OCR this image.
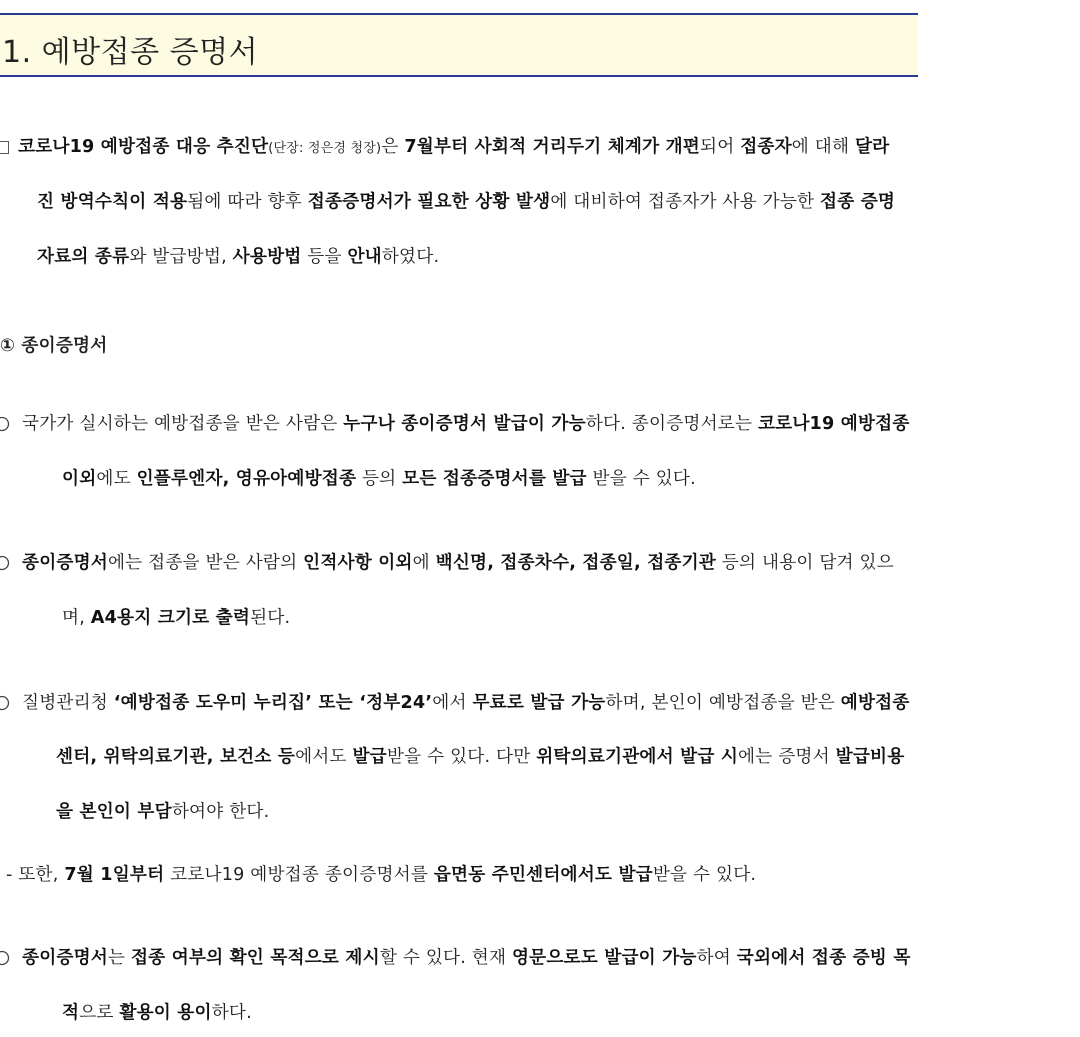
1. 예방접종 증명서
코로나19 예방접종 대응 추진단(단장: 정은경 청장)은 7월부터 사회적 거리두기 체계가 개편되어 접종자에 대해 달라
진 방역수칙이 적용됨에 따라 향후 접종증명서가 필요한 상황 발생에 대비하여 접종자가 사용 가능한 접종 증명
자료의 종류와 발급방법, 사용방법 등을 안내하였다.
① 종이증명서
국가가 실시하는 예방접종을 받은 사람은 누구나 종이증명서 발급이 가능하다. 종이증명서로는 코로나19 예방접종
이외에도 인플루엔자, 영유아예방접종 등의 모든 접종증명서를 발급 받을 수 있다.
종이증명서에는 접종을 받은 사람의 인적사항 이외에 백신명, 접종차수, 접종일, 접종기관 등의 내용이 담겨 있으
며, A4용지 크기로 출력된다.
질병관리청 ‘예방접종 도우미 누리집’ 또는 ‘정부24’에서 무료로 발급 가능하며, 본인이 예방접종을 받은 예방접종
센터, 위탁의료기관, 보건소 등에서도 발급받을 수 있다. 다만 위탁의료기관에서 발급 시에는 증명서 발급비용
을 본인이 부담하여야 한다.
- 또한, 7월 1일부터 코로나19 예방접종 종이증명서를 읍면동 주민센터에서도 발급받을 수 있다.
종이증명서는 접종 여부의 확인 목적으로 제시할 수 있다. 현재 영문으로도 발급이 가능하여 국외에서 접종 증빙 목
적으로 활용이 용이하다.
